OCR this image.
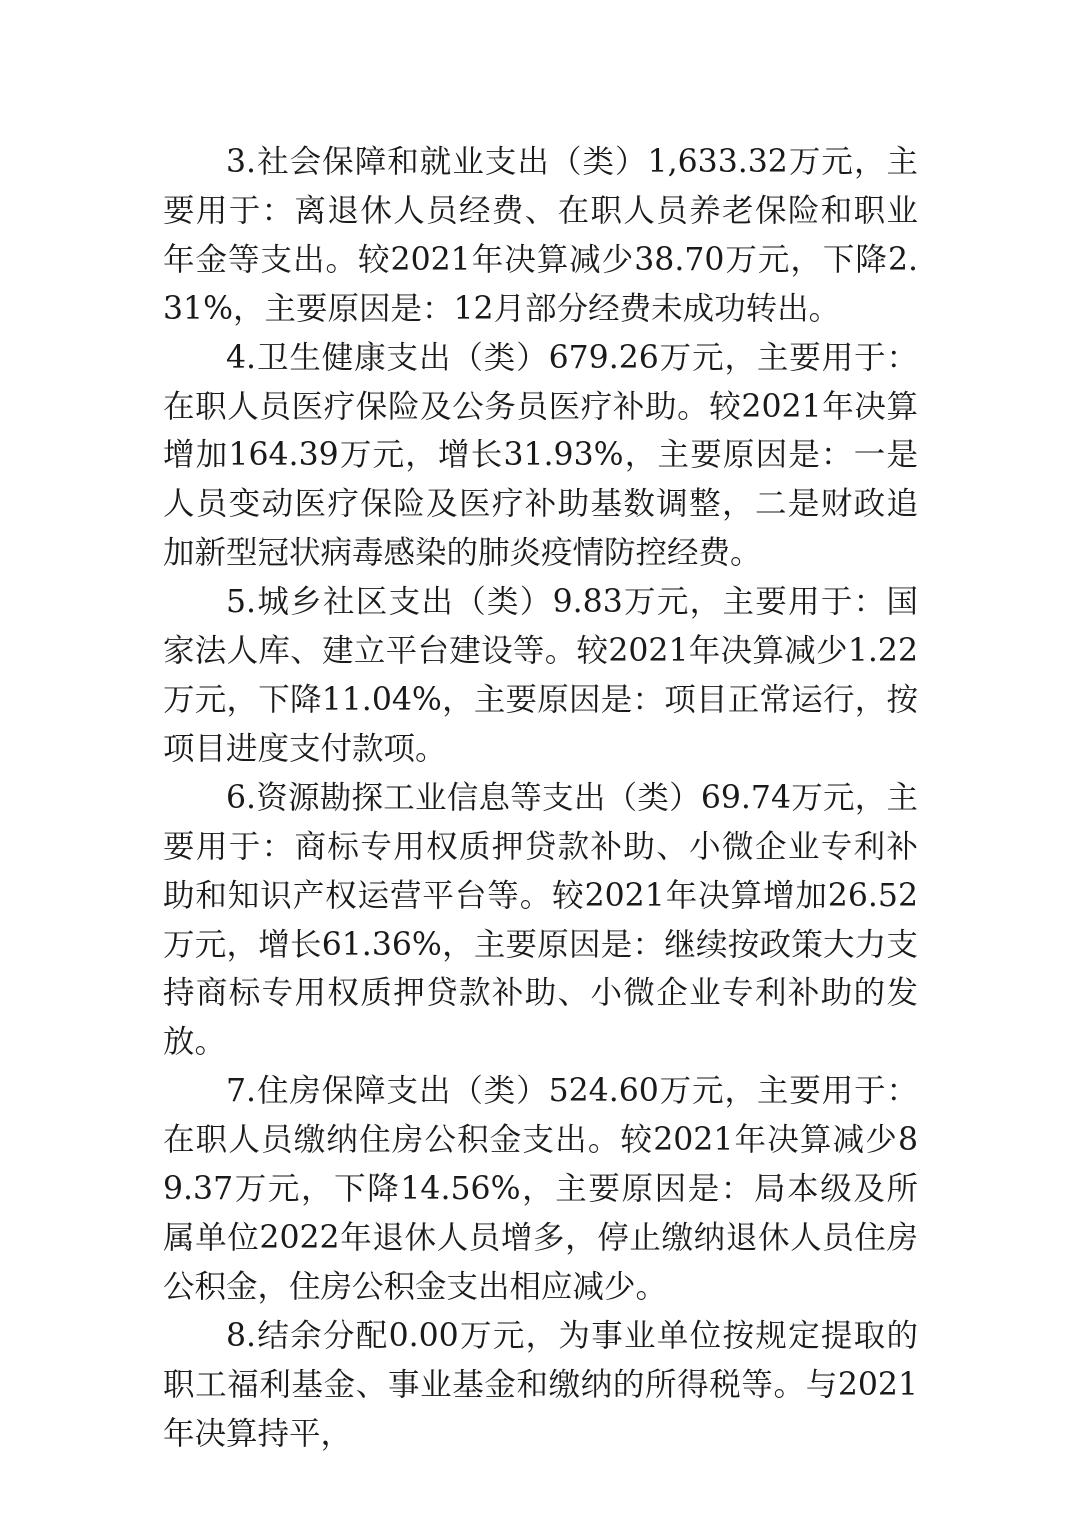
3.社会保障和就业支出（类）1,633.32万元，主要用于：离退休人员经费、在职人员养老保险和职业年金等支出。较2021年决算减少38.70万元，下降2.31%，主要原因是：12月部分经费未成功转出。

4.卫生健康支出（类）679.26万元，主要用于：在职人员医疗保险及公务员医疗补助。较2021年决算增加164.39万元，增长31.93%，主要原因是：一是人员变动医疗保险及医疗补助基数调整，二是财政追加新型冠状病毒感染的肺炎疫情防控经费。

5.城乡社区支出（类）9.83万元，主要用于：国家法人库、建立平台建设等。较2021年决算减少1.22万元，下降11.04%，主要原因是：项目正常运行，按项目进度支付款项。

6.资源勘探工业信息等支出（类）69.74万元，主要用于：商标专用权质押贷款补助、小微企业专利补助和知识产权运营平台等。较2021年决算增加26.52万元，增长61.36%，主要原因是：继续按政策大力支持商标专用权质押贷款补助、小微企业专利补助的发放。

7.住房保障支出（类）524.60万元，主要用于：在职人员缴纳住房公积金支出。较2021年决算减少89.37万元，下降14.56%，主要原因是：局本级及所属单位2022年退休人员增多，停止缴纳退休人员住房公积金，住房公积金支出相应减少。

8.结余分配0.00万元，为事业单位按规定提取的职工福利基金、事业基金和缴纳的所得税等。与2021年决算持平，
